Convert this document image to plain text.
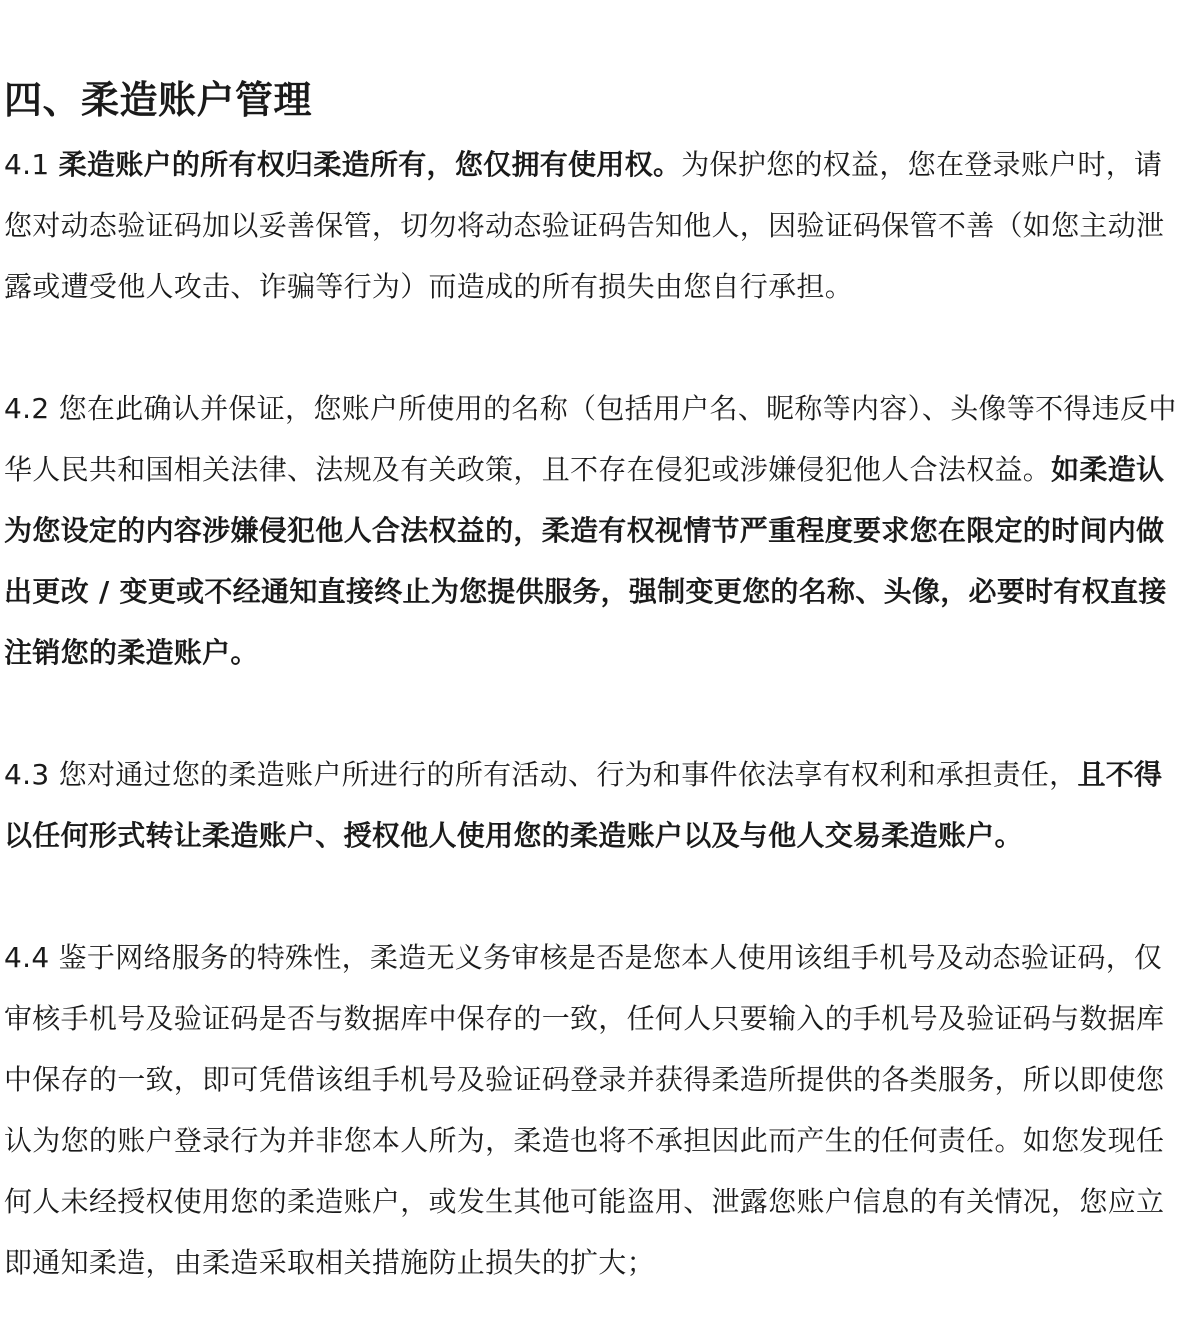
四、柔造账户管理

4.1 柔造账户的所有权归柔造所有，您仅拥有使用权。为保护您的权益，您在登录账户时，请您对动态验证码加以妥善保管，切勿将动态验证码告知他人，因验证码保管不善（如您主动泄露或遭受他人攻击、诈骗等行为）而造成的所有损失由您自行承担。

4.2 您在此确认并保证，您账户所使用的名称（包括用户名、昵称等内容）、头像等不得违反中华人民共和国相关法律、法规及有关政策，且不存在侵犯或涉嫌侵犯他人合法权益。如柔造认为您设定的内容涉嫌侵犯他人合法权益的，柔造有权视情节严重程度要求您在限定的时间内做出更改 / 变更或不经通知直接终止为您提供服务，强制变更您的名称、头像，必要时有权直接注销您的柔造账户。

4.3 您对通过您的柔造账户所进行的所有活动、行为和事件依法享有权利和承担责任，且不得以任何形式转让柔造账户、授权他人使用您的柔造账户以及与他人交易柔造账户。

4.4 鉴于网络服务的特殊性，柔造无义务审核是否是您本人使用该组手机号及动态验证码，仅审核手机号及验证码是否与数据库中保存的一致，任何人只要输入的手机号及验证码与数据库中保存的一致，即可凭借该组手机号及验证码登录并获得柔造所提供的各类服务，所以即使您认为您的账户登录行为并非您本人所为，柔造也将不承担因此而产生的任何责任。如您发现任何人未经授权使用您的柔造账户，或发生其他可能盗用、泄露您账户信息的有关情况，您应立即通知柔造，由柔造采取相关措施防止损失的扩大；
